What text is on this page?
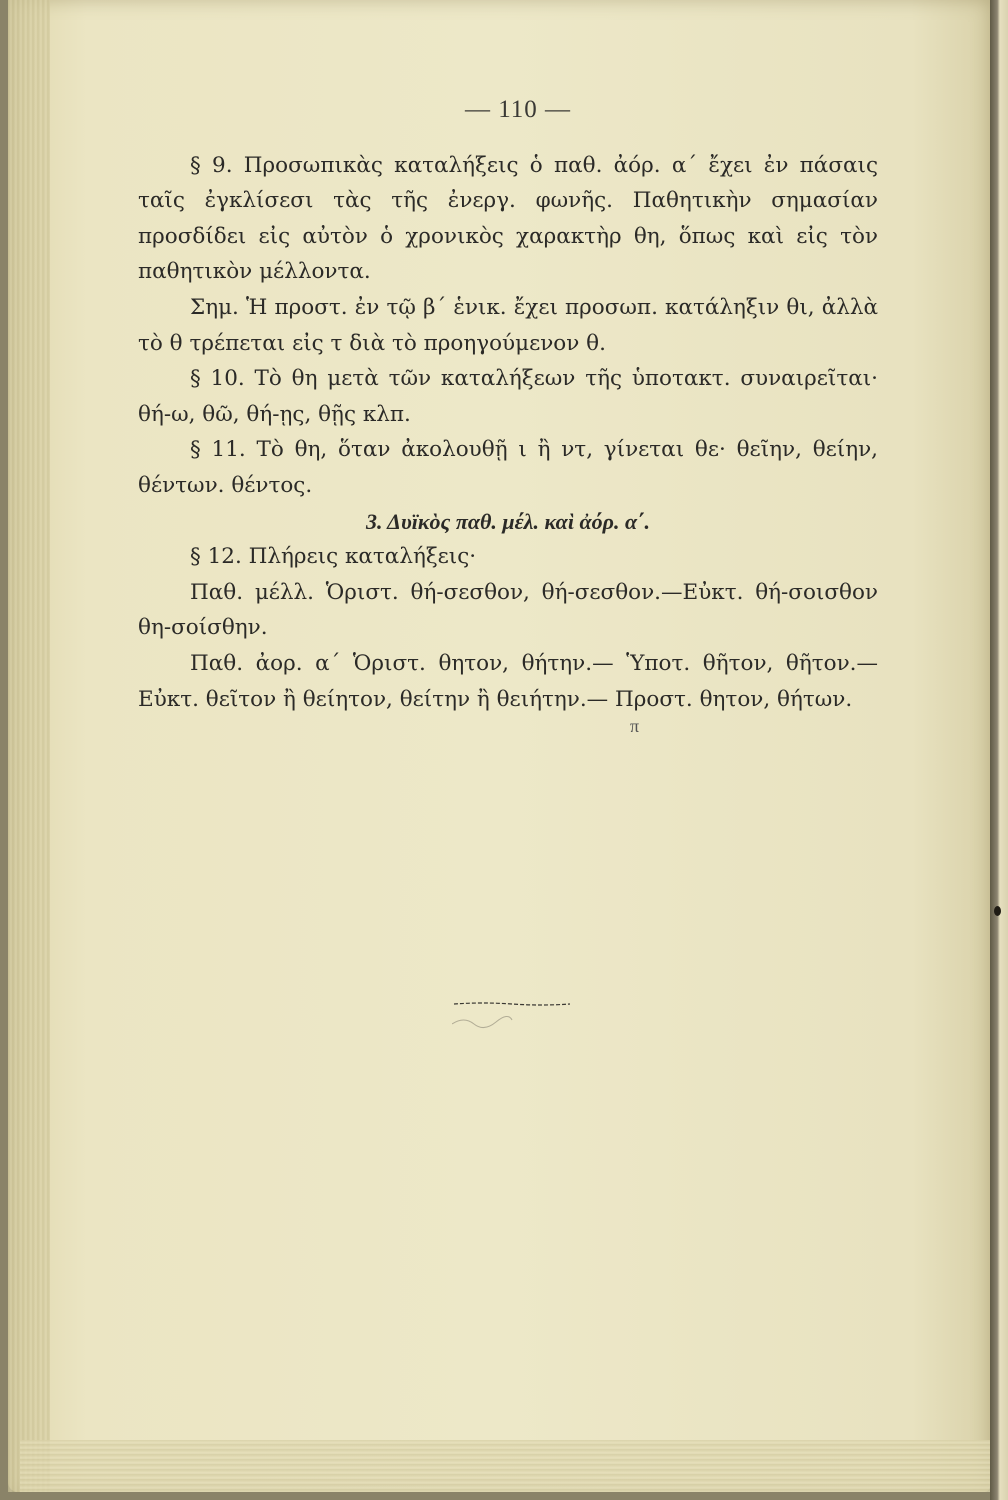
— 110 —

§ 9. Προσωπικὰς καταλήξεις ὁ παθ. ἀόρ. α΄ ἔχει ἐν πάσαις ταῖς ἐγκλίσεσι τὰς τῆς ἐνεργ. φωνῆς. Παθητικὴν σημασίαν προσδίδει εἰς αὐτὸν ὁ χρονικὸς χαρακτὴρ θη, ὅπως καὶ εἰς τὸν παθητικὸν μέλλοντα.

Σημ. Ἡ προστ. ἐν τῷ β΄ ἑνικ. ἔχει προσωπ. κατάληξιν θι, ἀλλὰ τὸ θ τρέπεται εἰς τ διὰ τὸ προηγούμενον θ.

§ 10. Τὸ θη μετὰ τῶν καταλήξεων τῆς ὑποτακτ. συναιρεῖται· θή-ω, θῶ, θή-ῃς, θῇς κλπ.

§ 11. Τὸ θη, ὅταν ἀκολουθῇ ι ἢ ντ, γίνεται θε· θεῖην, θείην, θέντων. θέντος.

3. Δυϊκὸς παθ. μέλ. καὶ ἀόρ. α΄.

§ 12. Πλήρεις καταλήξεις·

Παθ. μέλλ. Ὁριστ. θή-σεσθον, θή-σεσθον.—Εὐκτ. θή-σοισθον θη-σοίσθην.

Παθ. ἀορ. α΄ Ὁριστ. θητον, θήτην.— Ὑποτ. θῆτον, θῆτον.— Εὐκτ. θεῖτον ἢ θείητον, θείτην ἢ θειήτην.— Προστ. θητον, θήτων.

π
